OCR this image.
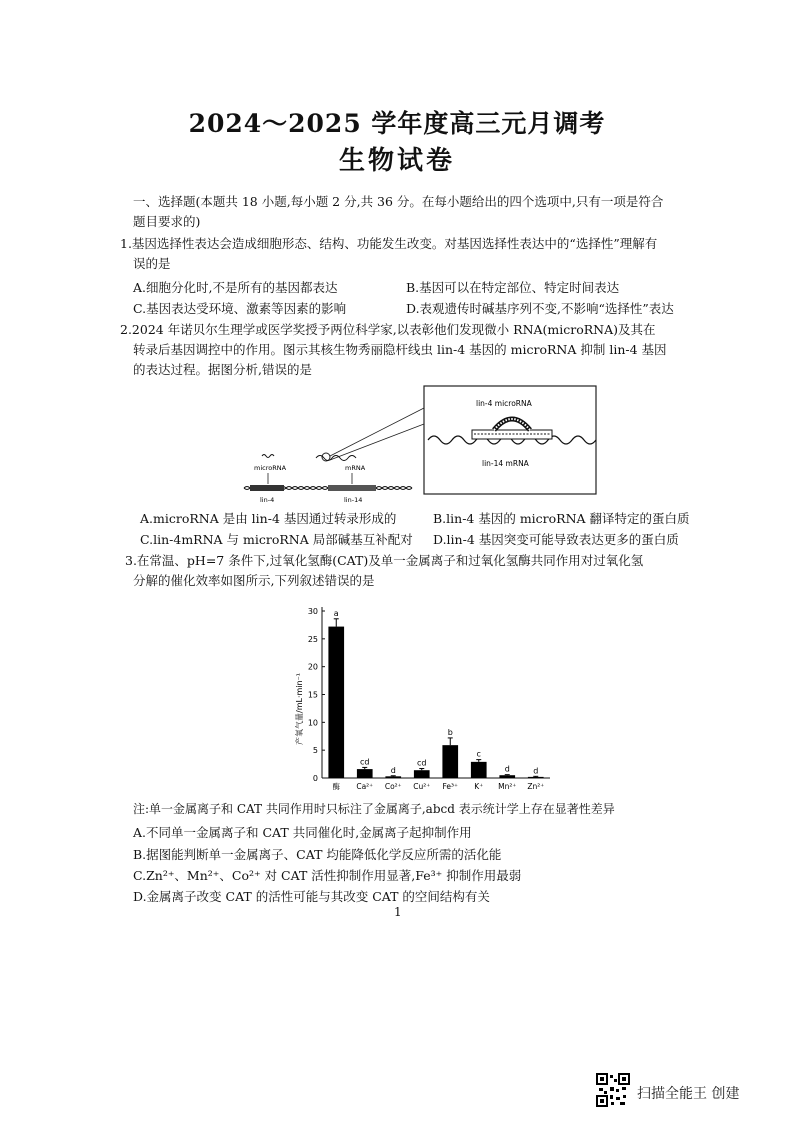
2024～2025 学年度高三元月调考
生物试卷
一、选择题(本题共 18 小题,每小题 2 分,共 36 分。在每小题给出的四个选项中,只有一项是符合
题目要求的)
1.基因选择性表达会造成细胞形态、结构、功能发生改变。对基因选择性表达中的“选择性”理解有
误的是
A.细胞分化时,不是所有的基因都表达	B.基因可以在特定部位、特定时间表达
C.基因表达受环境、激素等因素的影响	D.表观遗传时碱基序列不变,不影响“选择性”表达
2.2024 年诺贝尔生理学或医学奖授予两位科学家,以表彰他们发现微小 RNA(microRNA)及其在
转录后基因调控中的作用。图示其核生物秀丽隐杆线虫 lin-4 基因的 microRNA 抑制 lin-4 基因
的表达过程。据图分析,错误的是
lin-4 microRNA
lin-14 mRNA
microRNA	mRNA
lin-4	lin-14
A.microRNA 是由 lin-4 基因通过转录形成的	B.lin-4 基因的 microRNA 翻译特定的蛋白质
C.lin-4mRNA 与 microRNA 局部碱基互补配对 D.lin-4 基因突变可能导致表达更多的蛋白质
3.在常温、pH=7 条件下,过氧化氢酶(CAT)及单一金属离子和过氧化氢酶共同作用对过氧化氢
分解的催化效率如图所示,下列叙述错误的是
产氧气量/mL·min⁻¹
0
5
10
15
20
25
30 a
酶
cd
Ca²⁺
d
Co²⁺
cd
Cu²⁺
b
Fe³⁺
c
K⁺
d
Mn²⁺
d
Zn²⁺
注:单一金属离子和 CAT 共同作用时只标注了金属离子,abcd 表示统计学上存在显著性差异
A.不同单一金属离子和 CAT 共同催化时,金属离子起抑制作用
B.据图能判断单一金属离子、CAT 均能降低化学反应所需的活化能
C.Zn²⁺、Mn²⁺、Co²⁺ 对 CAT 活性抑制作用显著,Fe³⁺ 抑制作用最弱
D.金属离子改变 CAT 的活性可能与其改变 CAT 的空间结构有关
1
扫描全能王 创建
